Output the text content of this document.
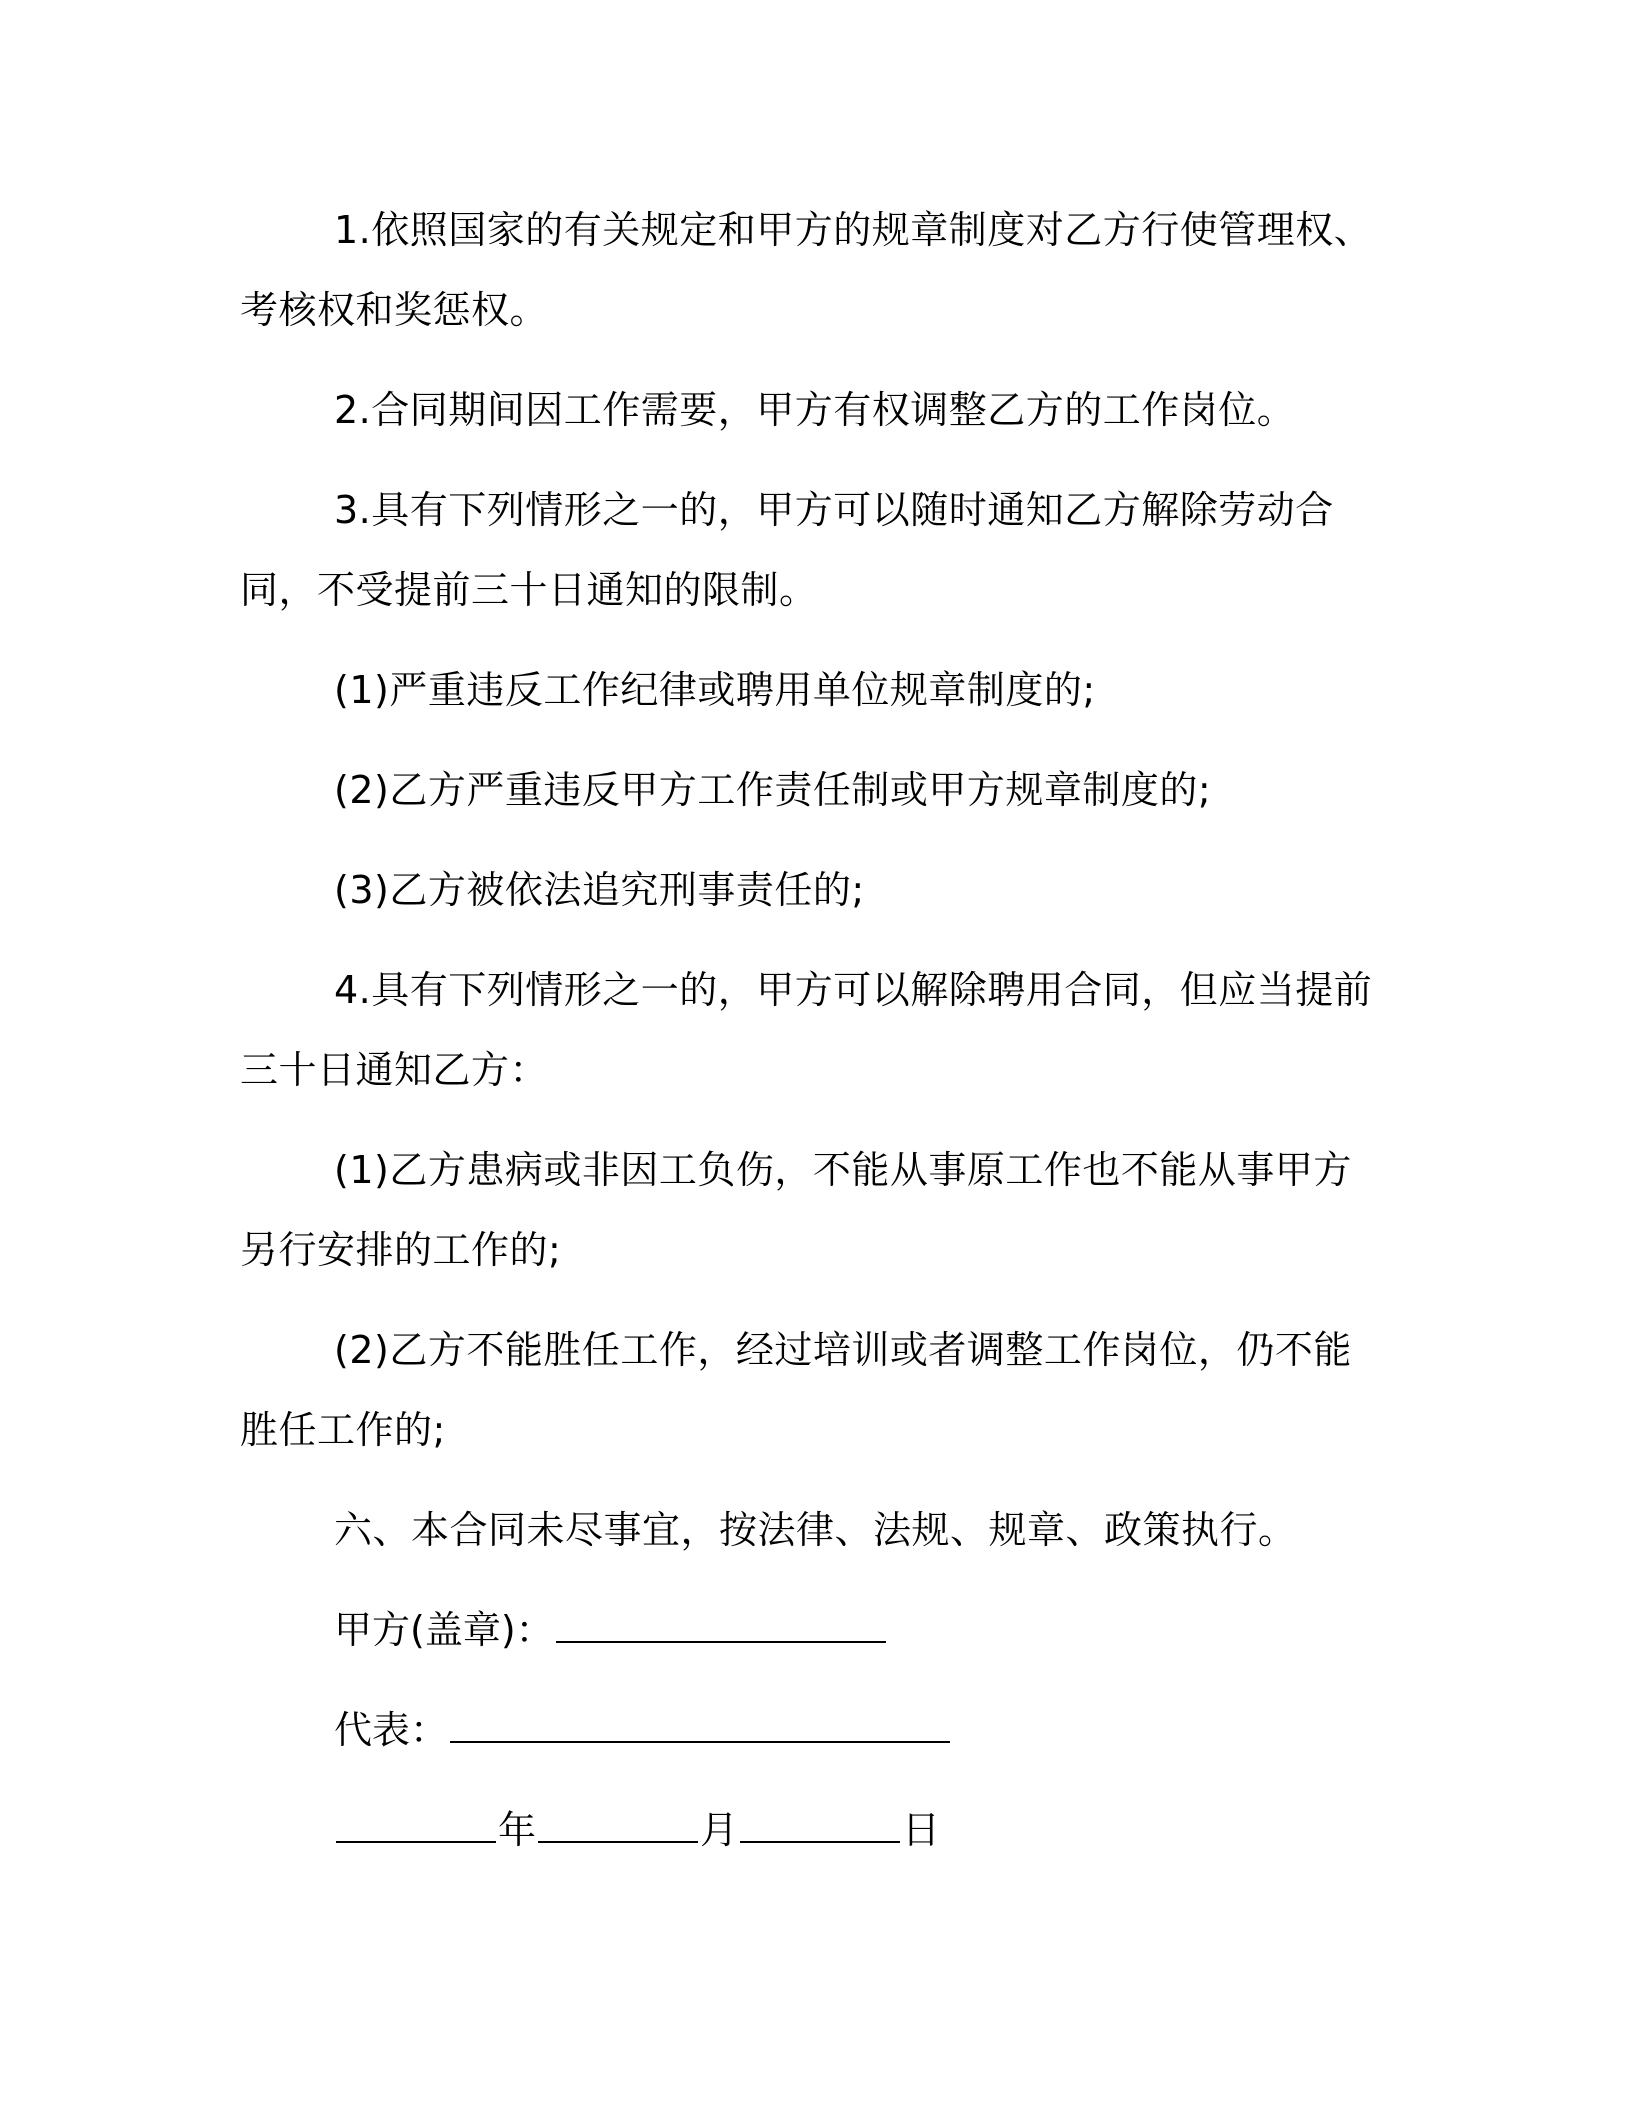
1.依照国家的有关规定和甲方的规章制度对乙方行使管理权、考核权和奖惩权。

2.合同期间因工作需要，甲方有权调整乙方的工作岗位。

3.具有下列情形之一的，甲方可以随时通知乙方解除劳动合同，不受提前三十日通知的限制。

(1)严重违反工作纪律或聘用单位规章制度的;

(2)乙方严重违反甲方工作责任制或甲方规章制度的;

(3)乙方被依法追究刑事责任的;

4.具有下列情形之一的，甲方可以解除聘用合同，但应当提前三十日通知乙方：

(1)乙方患病或非因工负伤，不能从事原工作也不能从事甲方另行安排的工作的;

(2)乙方不能胜任工作，经过培训或者调整工作岗位，仍不能胜任工作的;

六、本合同未尽事宜，按法律、法规、规章、政策执行。

甲方(盖章)：
代表：
年	月	日
